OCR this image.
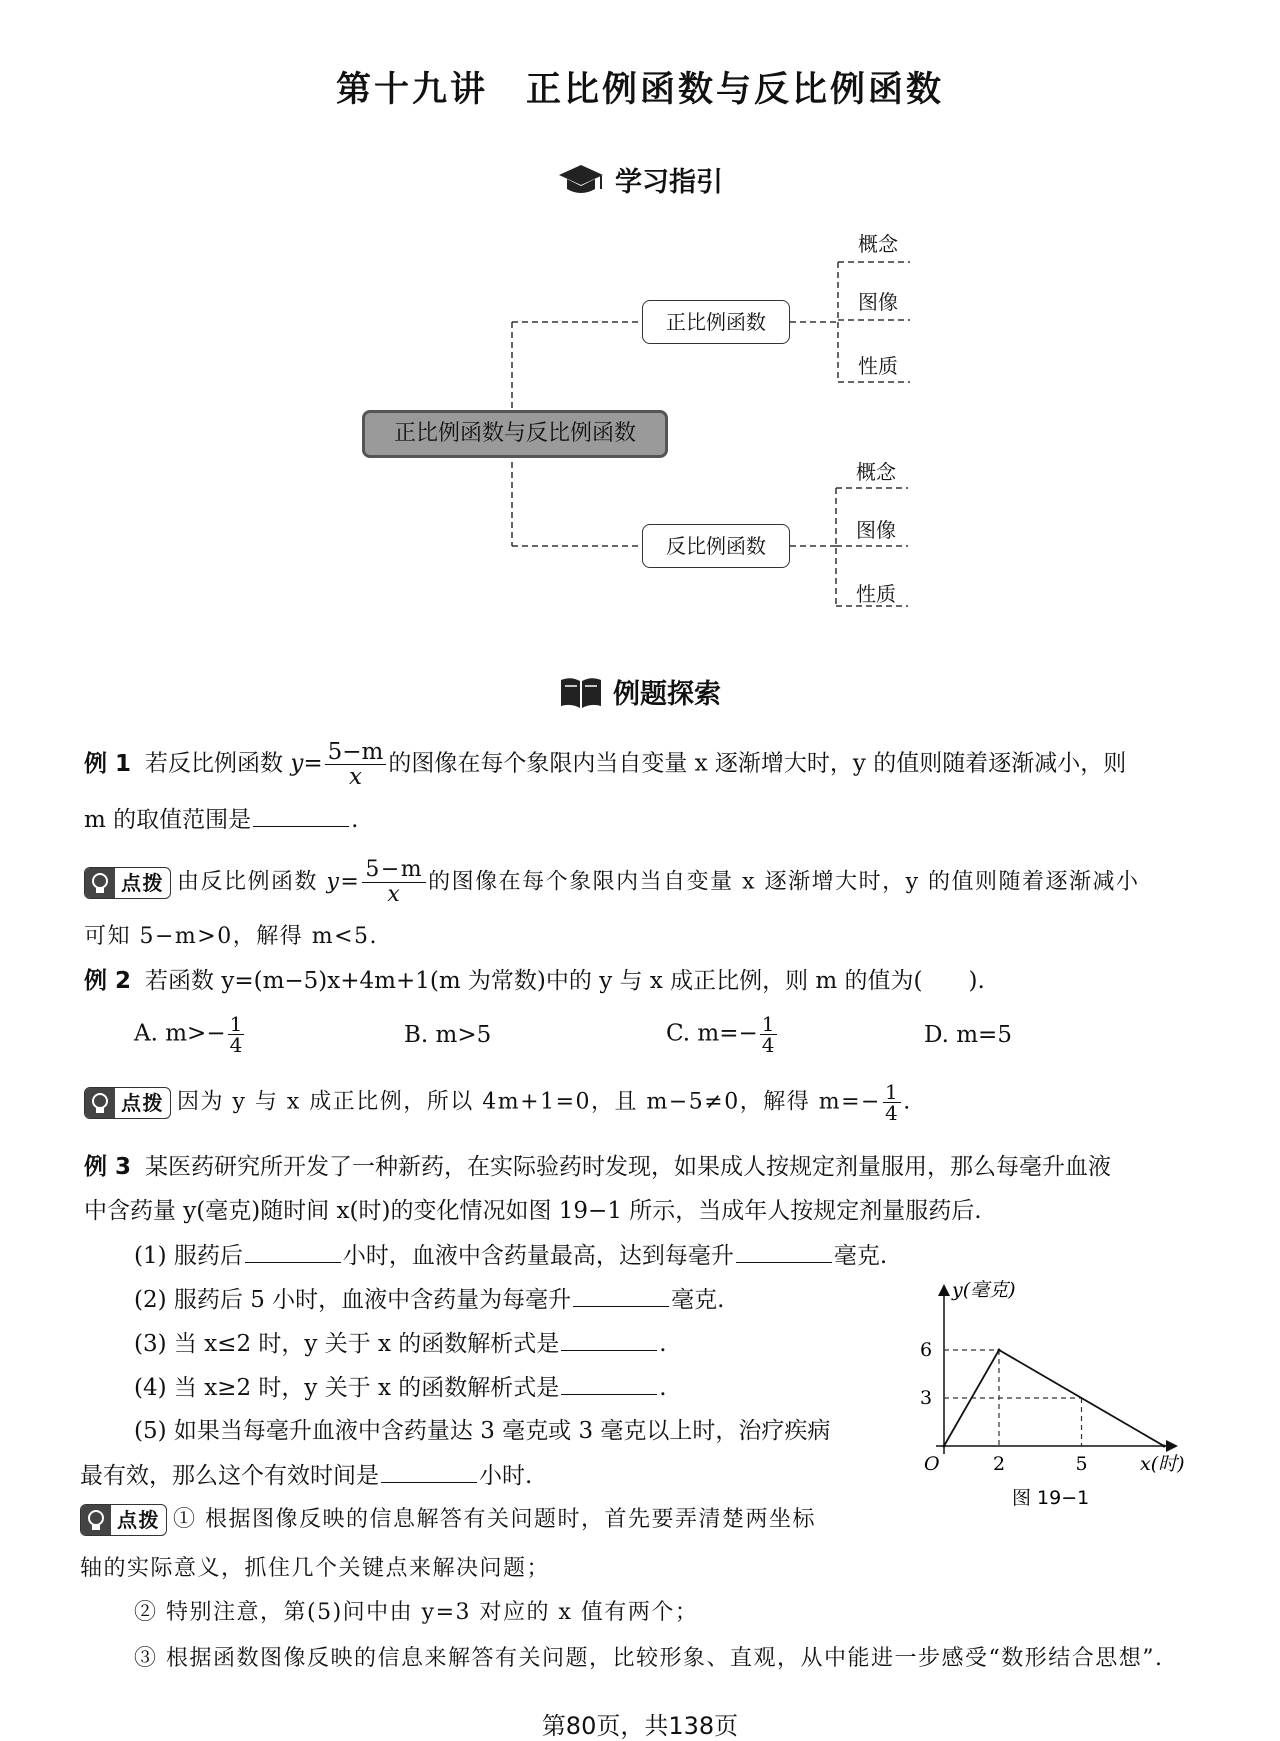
第十九讲　正比例函数与反比例函数
学习指引
正比例函数与反比例函数
正比例函数
反比例函数
概念
图像
性质
概念
图像
性质
例题探索
例 1 若反比例函数 $y= \frac{5-m}{x}$ 的图像在每个象限内当自变量 x 逐渐增大时，y 的值则随着逐渐减小，则
m 的取值范围是	.
点拨 由反比例函数 $y= \frac{5-m}{x}$ 的图像在每个象限内当自变量 x 逐渐增大时，y 的值则随着逐渐减小
可知 5−m>0，解得 m<5.
例 2 若函数 y=(m−5)x+4m+1(m 为常数)中的 y 与 x 成正比例，则 m 的值为(　　).
A. $m>- \frac{1}{4}$	B. m>5	C. $m=- \frac{1}{4}$	D. m=5
点拨 因为 y 与 x 成正比例，所以 4m+1=0，且 m−5≠0，解得 $m=- \frac{1}{4}$ .
例 3 某医药研究所开发了一种新药，在实际验药时发现，如果成人按规定剂量服用，那么每毫升血液
中含药量 y(毫克)随时间 x(时)的变化情况如图 19−1 所示，当成年人按规定剂量服药后.
(1) 服药后	小时，血液中含药量最高，达到每毫升	毫克.
(2) 服药后 5 小时，血液中含药量为每毫升	毫克.
(3) 当 x≤2 时，y 关于 x 的函数解析式是	.
(4) 当 x≥2 时，y 关于 x 的函数解析式是	.
(5) 如果当每毫升血液中含药量达 3 毫克或 3 毫克以上时，治疗疾病
最有效，那么这个有效时间是	小时.	2	5
3
6
y(毫克)
x(时)
O
图 19−1
点拨 ① 根据图像反映的信息解答有关问题时，首先要弄清楚两坐标
轴的实际意义，抓住几个关键点来解决问题；
② 特别注意，第(5)问中由 y=3 对应的 x 值有两个；
③ 根据函数图像反映的信息来解答有关问题，比较形象、直观，从中能进一步感受“数形结合思想”.
第80页，共138页
